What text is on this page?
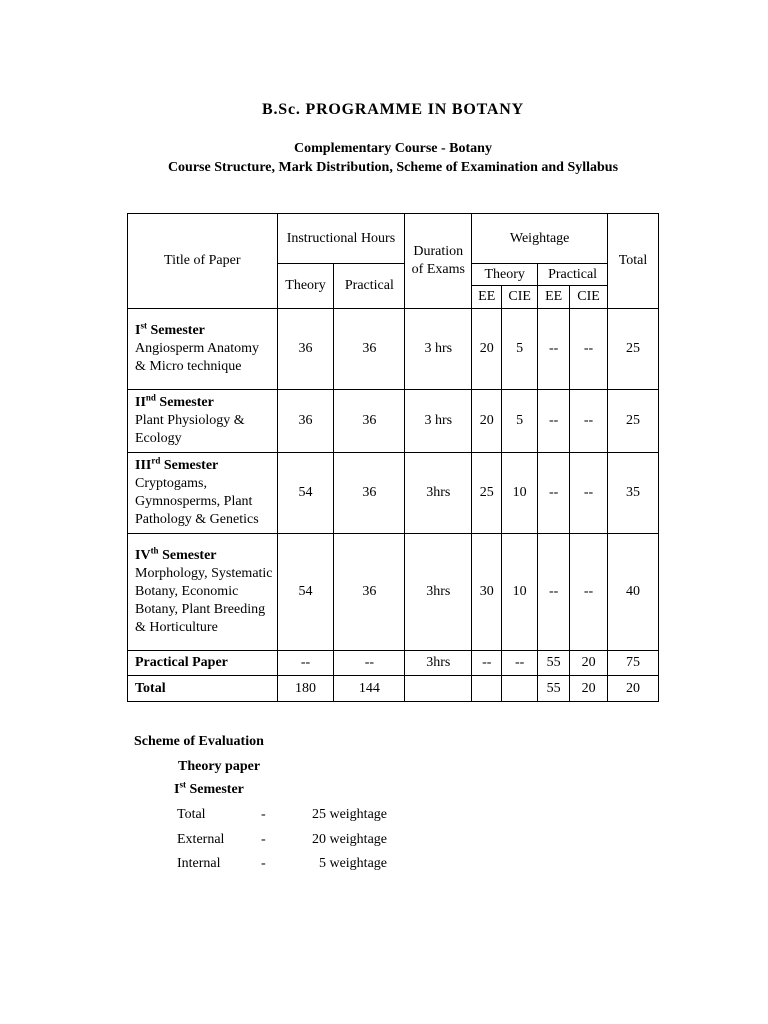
B.Sc. PROGRAMME IN BOTANY
Complementary Course - Botany
Course Structure, Mark Distribution, Scheme of Examination and Syllabus
Title of Paper	Instructional Hours		Duration of Exams	Weightage				Total
	Theory	Practical		Theory		Practical		
				EE	CIE	EE	CIE	
Ist Semester
Angiosperm Anatomy & Micro technique	36	36	3 hrs	20	5	--	--	25
IInd Semester
Plant Physiology & Ecology	36	36	3 hrs	20	5	--	--	25
IIIrd Semester
Cryptogams, Gymnosperms, Plant Pathology & Genetics	54	36	3hrs	25	10	--	--	35
IVth Semester
Morphology, Systematic Botany, Economic Botany, Plant Breeding & Horticulture	54	36	3hrs	30	10	--	--	40
Practical Paper	--	--	3hrs	--	--	55	20	75
Total	180	144				55	20	20
Scheme of Evaluation
Theory paper
Ist Semester
Total	-	25 weightage
External	-	20 weightage
Internal	-	5 weightage
